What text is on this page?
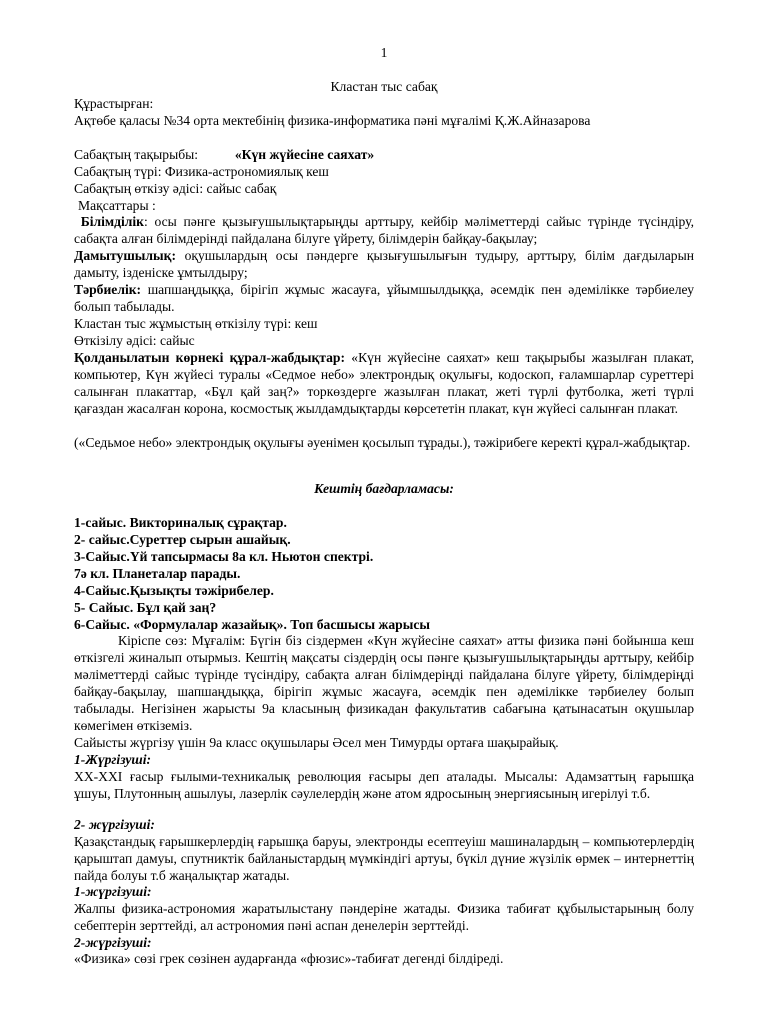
1
Кластан тыс сабақ
Құрастырған:
Ақтөбе қаласы №34 орта мектебінің физика-информатика пәні мұғалімі Қ.Ж.Айназарова
Сабақтың тақырыбы:	«Күн жүйесіне саяхат»
Сабақтың түрі: Физика-астрономиялық кеш
Сабақтың өткізу әдісі: сайыс сабақ
Мақсаттары :
Білімділік: осы пәнге қызығушылықтарыңды арттыру, кейбір мәліметтерді сайыс түрінде түсіндіру, сабақта алған білімдерінді пайдалана білуге үйрету, білімдерін байқау-бақылау;
Дамытушылық: оқушылардың осы пәндерге қызығушылығын тудыру, арттыру, білім дағдыларын дамыту, ізденіске ұмтылдыру;
Тәрбиелік: шапшаңдыққа, бірігіп жұмыс жасауға, ұйымшылдыққа, әсемдік пен әдемілікке тәрбиелеу болып табылады.
Кластан тыс жұмыстың өткізілу түрі: кеш
Өткізілу әдісі: сайыс
Қолданылатын көрнекі құрал-жабдықтар: «Күн жүйесіне саяхат» кеш тақырыбы жазылған плакат, компьютер, Күн жүйесі туралы «Седмое небо» электрондық оқулығы, кодоскоп, ғаламшарлар суреттері салынған плакаттар, «Бұл қай заң?» торкөздерге жазылған плакат, жеті түрлі футболка, жеті түрлі қағаздан жасалған корона, космостық жылдамдықтарды көрсететін плакат, күн жүйесі салынған плакат.
(«Седьмое небо» электрондық оқулығы әуенімен қосылып тұрады.), тәжірибеге керекті құрал-жабдықтар.
Кештің бағдарламасы:
1-сайыс. Викториналық сұрақтар.
2- сайыс.Суреттер сырын ашайық.
3-Сайыс.Үй тапсырмасы 8а кл. Ньютон спектрі.
7ә кл. Планеталар парады.
4-Сайыс.Қызықты тәжірибелер.
5- Сайыс. Бұл қай заң?
6-Сайыс. «Формулалар жазайық». Топ басшысы жарысы
Кіріспе сөз: Мұғалім: Бүгін біз сіздермен «Күн жүйесіне саяхат» атты физика пәні бойынша кеш өткізгелі жиналып отырмыз. Кештің мақсаты сіздердің осы пәнге қызығушылықтарыңды арттыру, кейбір мәліметтерді сайыс түрінде түсіндіру, сабақта алған білімдеріңді пайдалана білуге үйрету, білімдеріңді байқау-бақылау, шапшаңдыққа, бірігіп жұмыс жасауға, әсемдік пен әдемілікке тәрбиелеу болып табылады. Негізінен жарысты 9а класының физикадан факультатив сабағына қатынасатын оқушылар көмегімен өткіземіз.
Сайысты жүргізу үшін 9а класс оқушылары Әсел мен Тимурды ортаға шақырайық.
1-Жүргізуші:
XX-XXI ғасыр ғылыми-техникалық революция ғасыры деп аталады. Мысалы: Адамзаттың ғарышқа ұшуы, Плутонның ашылуы, лазерлік сәулелердің және атом ядросының энергиясының игерілуі т.б.
2- жүргізуші:
Қазақстандық ғарышкерлердің ғарышқа баруы, электронды есептеуіш машиналардың – компьютерлердің қарыштап дамуы, спутниктік байланыстардың мүмкіндігі артуы, бүкіл дүние жүзілік өрмек – интернеттің пайда болуы т.б жаңалықтар жатады.
1-жүргізуші:
Жалпы физика-астрономия жаратылыстану пәндеріне жатады. Физика табиғат құбылыстарының болу себептерін зерттейді, ал астрономия пәні аспан денелерін зерттейді.
2-жүргізуші:
«Физика» сөзі грек сөзінен аударғанда «фюзис»-табиғат дегенді білдіреді.
